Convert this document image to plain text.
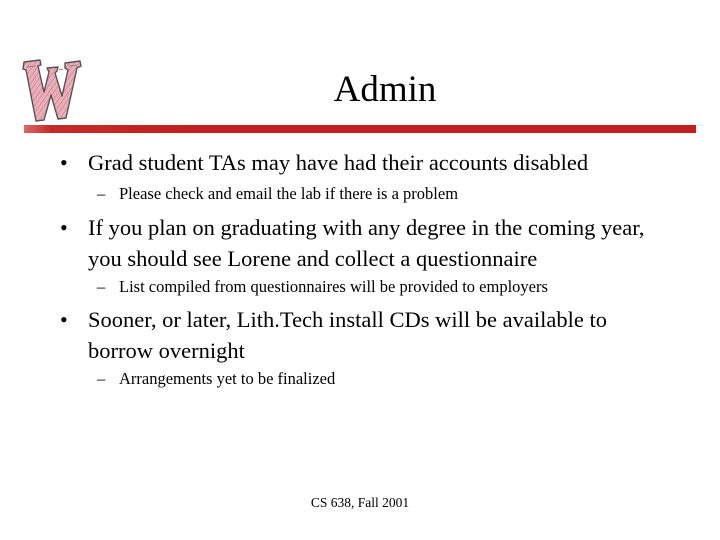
Admin
• Grad student TAs may have had their accounts disabled
– Please check and email the lab if there is a problem
• If you plan on graduating with any degree in the coming year, you should see Lorene and collect a questionnaire
– List compiled from questionnaires will be provided to employers
• Sooner, or later, Lith.Tech install CDs will be available to borrow overnight
– Arrangements yet to be finalized
CS 638, Fall 2001
